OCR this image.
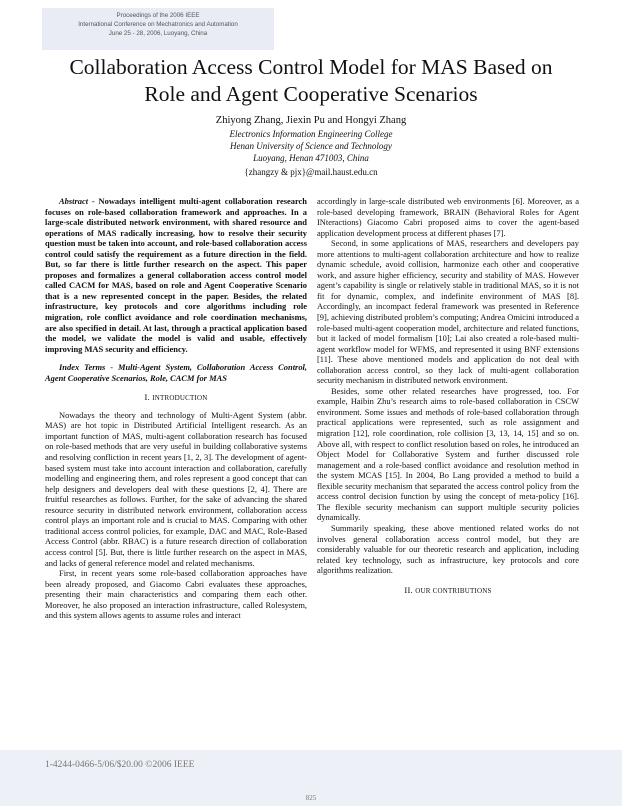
Proceedings of the 2006 IEEE
International Conference on Mechatronics and Automation
June 25 - 28, 2006, Luoyang, China
Collaboration Access Control Model for MAS Based on
Role and Agent Cooperative Scenarios
Zhiyong Zhang, Jiexin Pu and Hongyi Zhang
Electronics Information Engineering College
Henan University of Science and Technology
Luoyang, Henan 471003, China
{zhangzy & pjx}@mail.haust.edu.cn

Abstract - Nowadays intelligent multi-agent collaboration research focuses on role-based collaboration framework and approaches. In a large-scale distributed network environment, with shared resource and operations of MAS radically increasing, how to resolve their security question must be taken into account, and role-based collaboration access control could satisfy the requirement as a future direction in the field. But, so far there is little further research on the aspect. This paper proposes and formalizes a general collaboration access control model called CACM for MAS, based on role and Agent Cooperative Scenario that is a new represented concept in the paper. Besides, the related infrastructure, key protocols and core algorithms including role migration, role conflict avoidance and role coordination mechanisms, are also specified in detail. At last, through a practical application based the model, we validate the model is valid and usable, effectively improving MAS security and efficiency.

Index Terms - Multi-Agent System, Collaboration Access Control, Agent Cooperative Scenarios, Role, CACM for MAS

I. INTRODUCTION

Nowadays the theory and technology of Multi-Agent System (abbr. MAS) are hot topic in Distributed Artificial Intelligent research. As an important function of MAS, multi-agent collaboration research has focused on role-based methods that are very useful in building collaborative systems and resolving confliction in recent years [1, 2, 3]. The development of agent-based system must take into account interaction and collaboration, carefully modelling and engineering them, and roles represent a good concept that can help designers and developers deal with these questions [2, 4]. There are fruitful researches as follows. Further, for the sake of advancing the shared resource security in distributed network environment, collaboration access control plays an important role and is crucial to MAS. Comparing with other traditional access control policies, for example, DAC and MAC, Role-Based Access Control (abbr. RBAC) is a future research direction of collaboration access control [5]. But, there is little further research on the aspect in MAS, and lacks of general reference model and related mechanisms.

First, in recent years some role-based collaboration approaches have been already proposed, and Giacomo Cabri evaluates these approaches, presenting their main characteristics and comparing them each other. Moreover, he also proposed an interaction infrastructure, called Rolesystem, and this system allows agents to assume roles and interact

accordingly in large-scale distributed web environments [6]. Moreover, as a role-based developing framework, BRAIN (Behavioral Roles for Agent INteractions) Giacomo Cabri proposed aims to cover the agent-based application development process at different phases [7].

Second, in some applications of MAS, researchers and developers pay more attentions to multi-agent collaboration architecture and how to realize dynamic schedule, avoid collision, harmonize each other and cooperative work, and assure higher efficiency, security and stability of MAS. However agent’s capability is single or relatively stable in traditional MAS, so it is not fit for dynamic, complex, and indefinite environment of MAS [8]. Accordingly, an incompact federal framework was presented in Reference [9], achieving distributed problem’s computing; Andrea Omicini introduced a role-based multi-agent cooperation model, architecture and related functions, but it lacked of model formalism [10]; Lai also created a role-based multi-agent workflow model for WFMS, and represented it using BNF extensions [11]. These above mentioned models and application do not deal with collaboration access control, so they lack of multi-agent collaboration security mechanism in distributed network environment.

Besides, some other related researches have progressed, too. For example, Haibin Zhu’s research aims to role-based collaboration in CSCW environment. Some issues and methods of role-based collaboration through practical applications were represented, such as role assignment and migration [12], role coordination, role collision [3, 13, 14, 15] and so on. Above all, with respect to conflict resolution based on roles, he introduced an Object Model for Collaborative System and further discussed role management and a role-based conflict avoidance and resolution method in the system MCAS [15]. In 2004, Bo Lang provided a method to build a flexible security mechanism that separated the access control policy from the access control decision function by using the concept of meta-policy [16]. The flexible security mechanism can support multiple security policies dynamically.

Summarily speaking, these above mentioned related works do not involves general collaboration access control model, but they are considerably valuable for our theoretic research and application, including related key technology, such as infrastructure, key protocols and core algorithms realization.

II. OUR CONTRIBUTIONS
1-4244-0466-5/06/$20.00 ©2006 IEEE
825
